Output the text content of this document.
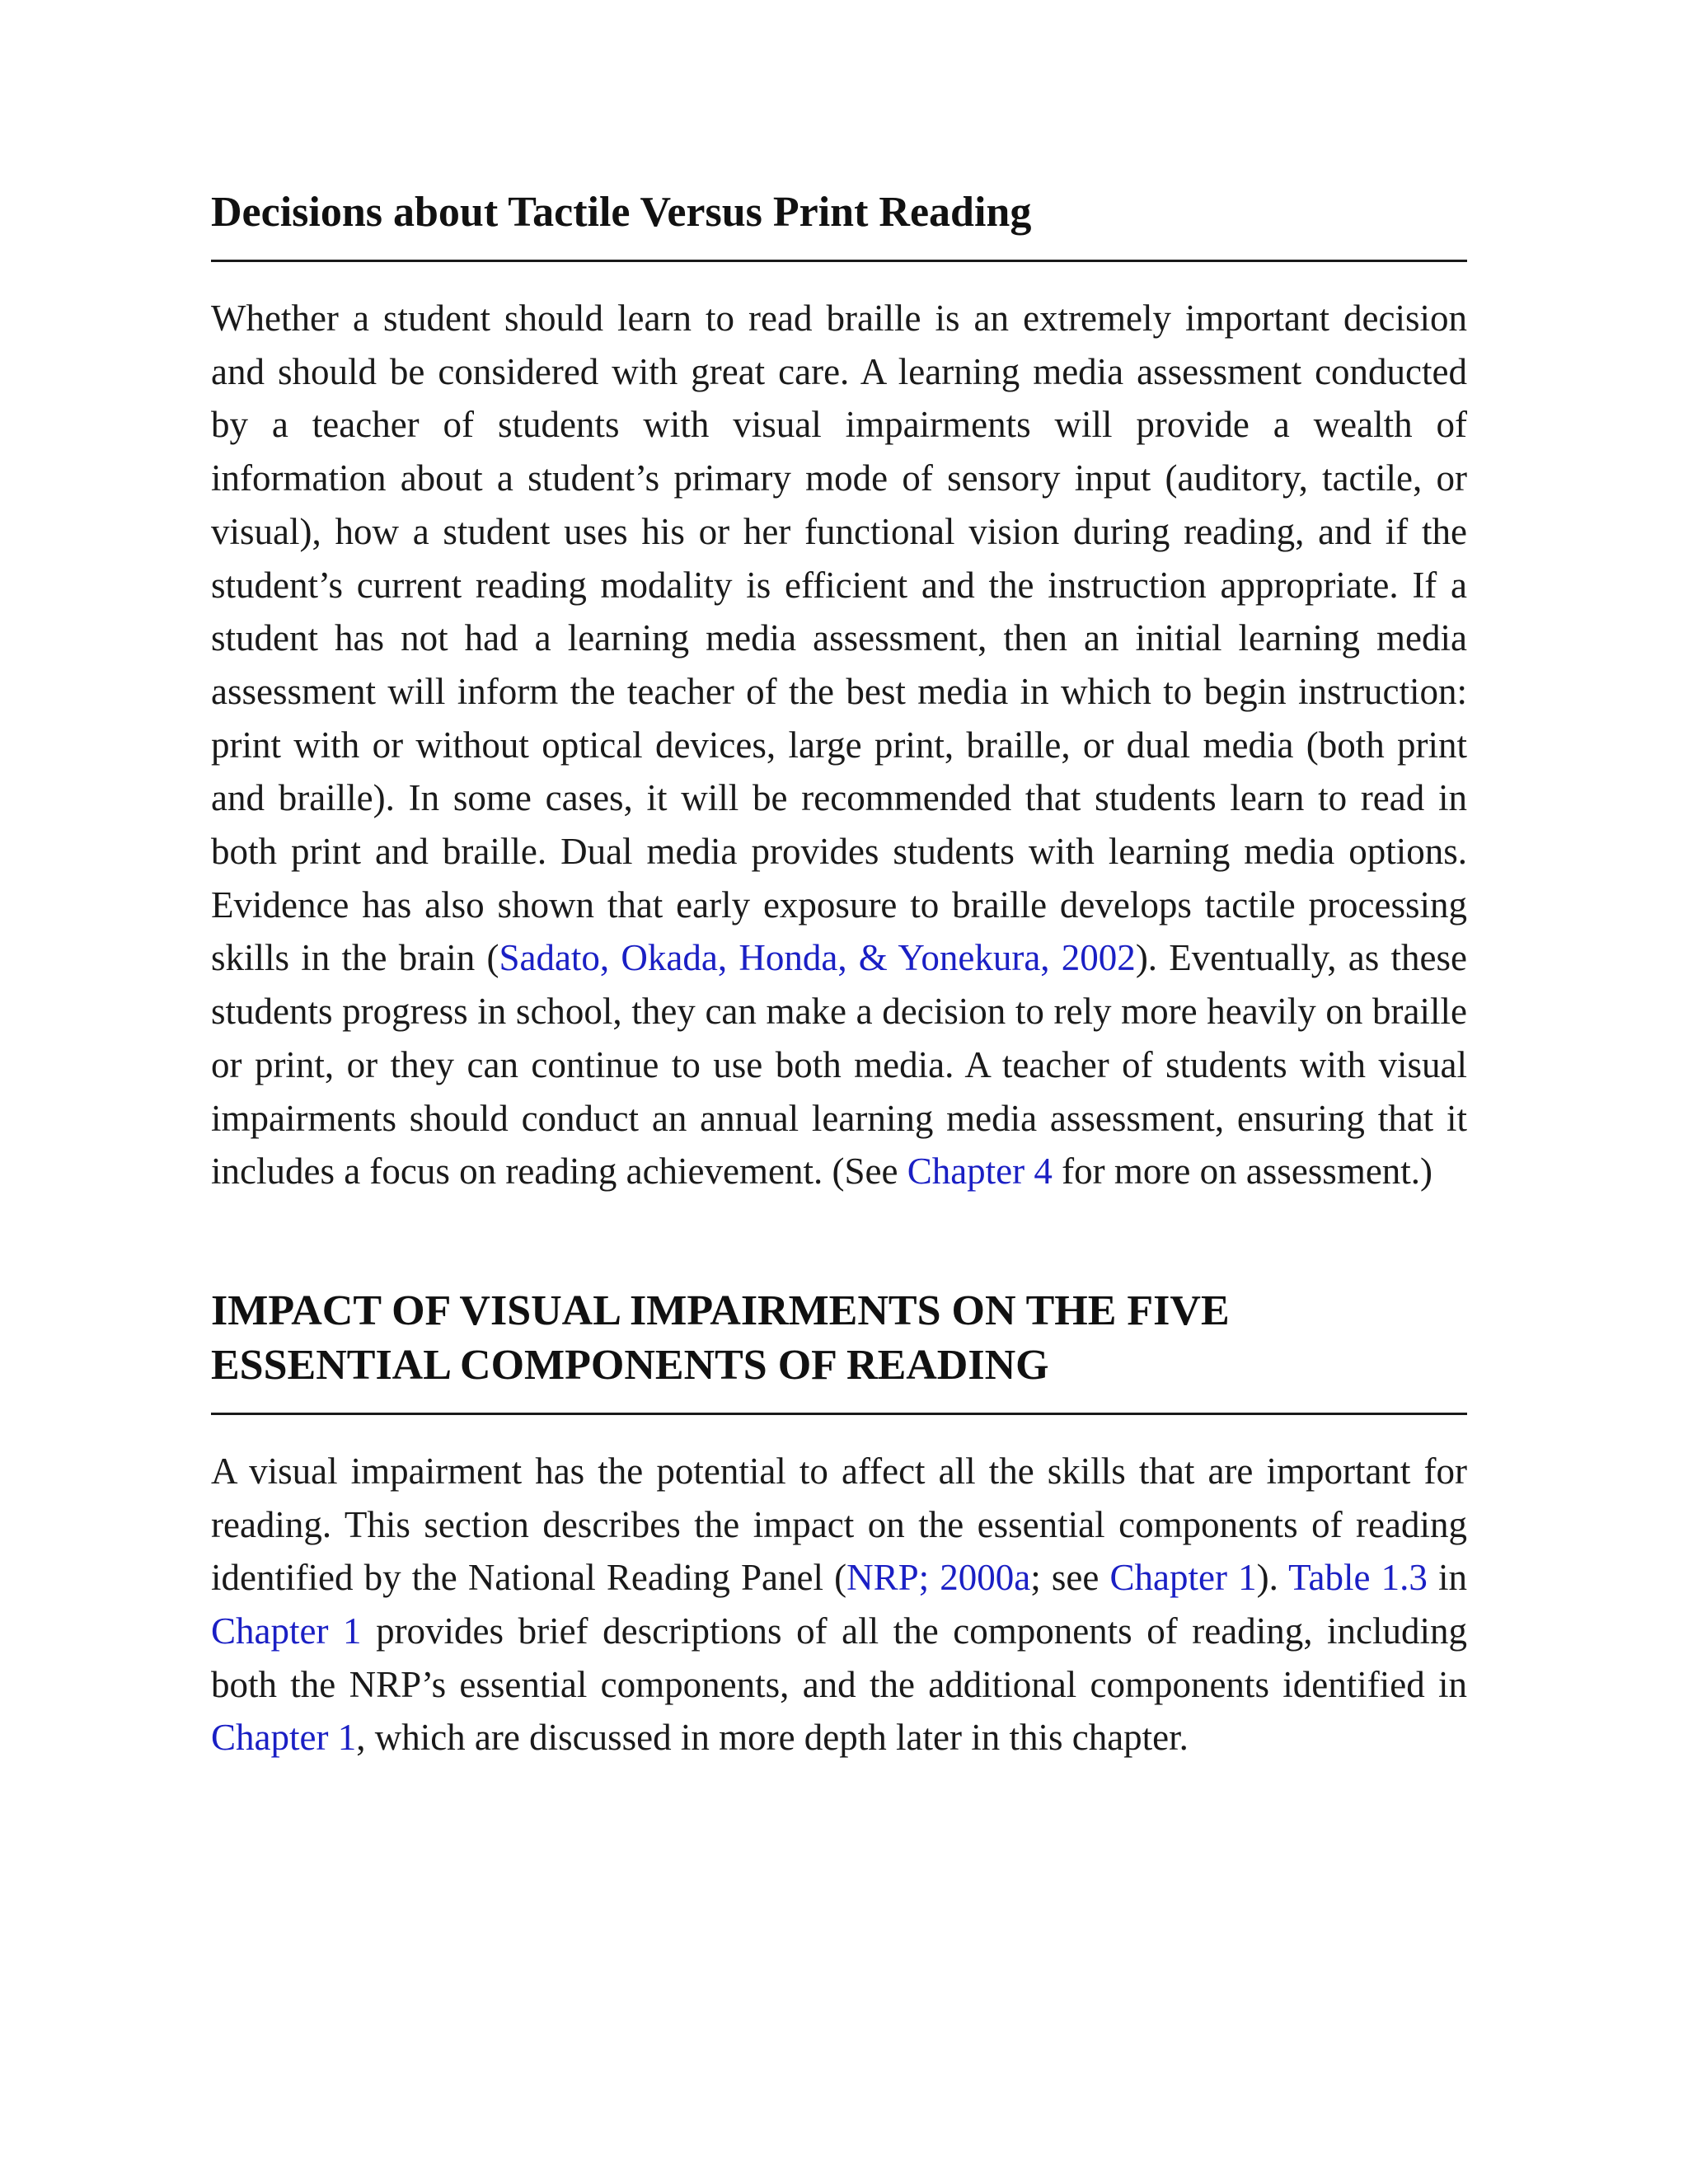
Decisions about Tactile Versus Print Reading

Whether a student should learn to read braille is an extremely important decision and should be considered with great care. A learning media assessment conducted by a teacher of students with visual impairments will provide a wealth of information about a student’s primary mode of sensory input (auditory, tactile, or visual), how a student uses his or her functional vision during reading, and if the student’s current reading modality is efficient and the instruction appropriate. If a student has not had a learning media assessment, then an initial learning media assessment will inform the teacher of the best media in which to begin instruction: print with or without optical devices, large print, braille, or dual media (both print and braille). In some cases, it will be recommended that students learn to read in both print and braille. Dual media provides students with learning media options. Evidence has also shown that early exposure to braille develops tactile processing skills in the brain (Sadato, Okada, Honda, & Yonekura, 2002). Eventually, as these students progress in school, they can make a decision to rely more heavily on braille or print, or they can continue to use both media. A teacher of students with visual impairments should conduct an annual learning media assessment, ensuring that it includes a focus on reading achievement. (See Chapter 4 for more on assessment.)

IMPACT OF VISUAL IMPAIRMENTS ON THE FIVE ESSENTIAL COMPONENTS OF READING

A visual impairment has the potential to affect all the skills that are important for reading. This section describes the impact on the essential components of reading identified by the National Reading Panel (NRP; 2000a; see Chapter 1). Table 1.3 in Chapter 1 provides brief descriptions of all the components of reading, including both the NRP’s essential components, and the additional components identified in Chapter 1, which are discussed in more depth later in this chapter.
